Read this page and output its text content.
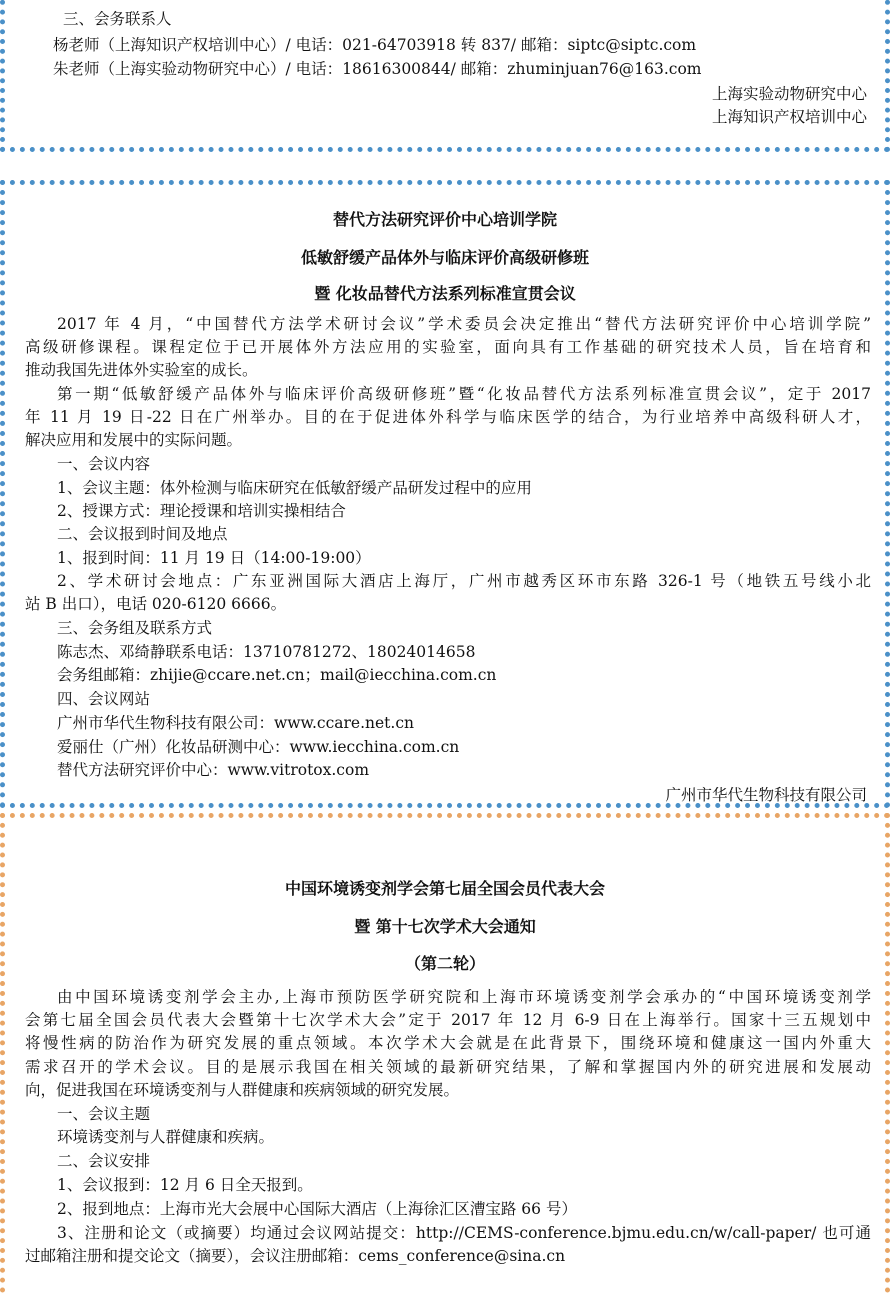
三、会务联系人
杨老师（上海知识产权培训中心）/ 电话：021-64703918 转 837/ 邮箱：siptc@siptc.com
朱老师（上海实验动物研究中心）/ 电话：18616300844/ 邮箱：zhuminjuan76@163.com
上海实验动物研究中心
上海知识产权培训中心
替代方法研究评价中心培训学院
低敏舒缓产品体外与临床评价高级研修班
暨 化妆品替代方法系列标准宣贯会议
2017 年 4 月，“中国替代方法学术研讨会议”学术委员会决定推出“替代方法研究评价中心培训学院”
高级研修课程。课程定位于已开展体外方法应用的实验室，面向具有工作基础的研究技术人员，旨在培育和
推动我国先进体外实验室的成长。
第一期“低敏舒缓产品体外与临床评价高级研修班”暨“化妆品替代方法系列标准宣贯会议”，定于 2017
年 11 月 19 日-22 日在广州举办。目的在于促进体外科学与临床医学的结合，为行业培养中高级科研人才，
解决应用和发展中的实际问题。
一、会议内容
1、会议主题：体外检测与临床研究在低敏舒缓产品研发过程中的应用
2、授课方式：理论授课和培训实操相结合
二、会议报到时间及地点
1、报到时间：11 月 19 日（14:00-19:00）
2、学术研讨会地点：广东亚洲国际大酒店上海厅，广州市越秀区环市东路 326-1 号（地铁五号线小北
站 B 出口），电话 020-6120 6666。
三、会务组及联系方式
陈志杰、邓绮静联系电话：13710781272、18024014658
会务组邮箱：zhijie@ccare.net.cn；mail@iecchina.com.cn
四、会议网站
广州市华代生物科技有限公司：www.ccare.net.cn
爱丽仕（广州）化妆品研测中心：www.iecchina.com.cn
替代方法研究评价中心：www.vitrotox.com
广州市华代生物科技有限公司
中国环境诱变剂学会第七届全国会员代表大会
暨 第十七次学术大会通知
（第二轮）
由中国环境诱变剂学会主办,上海市预防医学研究院和上海市环境诱变剂学会承办的“中国环境诱变剂学
会第七届全国会员代表大会暨第十七次学术大会”定于 2017 年 12 月 6-9 日在上海举行。国家十三五规划中
将慢性病的防治作为研究发展的重点领域。本次学术大会就是在此背景下，围绕环境和健康这一国内外重大
需求召开的学术会议。目的是展示我国在相关领域的最新研究结果，了解和掌握国内外的研究进展和发展动
向，促进我国在环境诱变剂与人群健康和疾病领域的研究发展。
一、会议主题
环境诱变剂与人群健康和疾病。
二、会议安排
1、会议报到：12 月 6 日全天报到。
2、报到地点：上海市光大会展中心国际大酒店（上海徐汇区漕宝路 66 号）
3、注册和论文（或摘要）均通过会议网站提交：http://CEMS-conference.bjmu.edu.cn/w/call-paper/ 也可通
过邮箱注册和提交论文（摘要），会议注册邮箱：cems_conference@sina.cn
